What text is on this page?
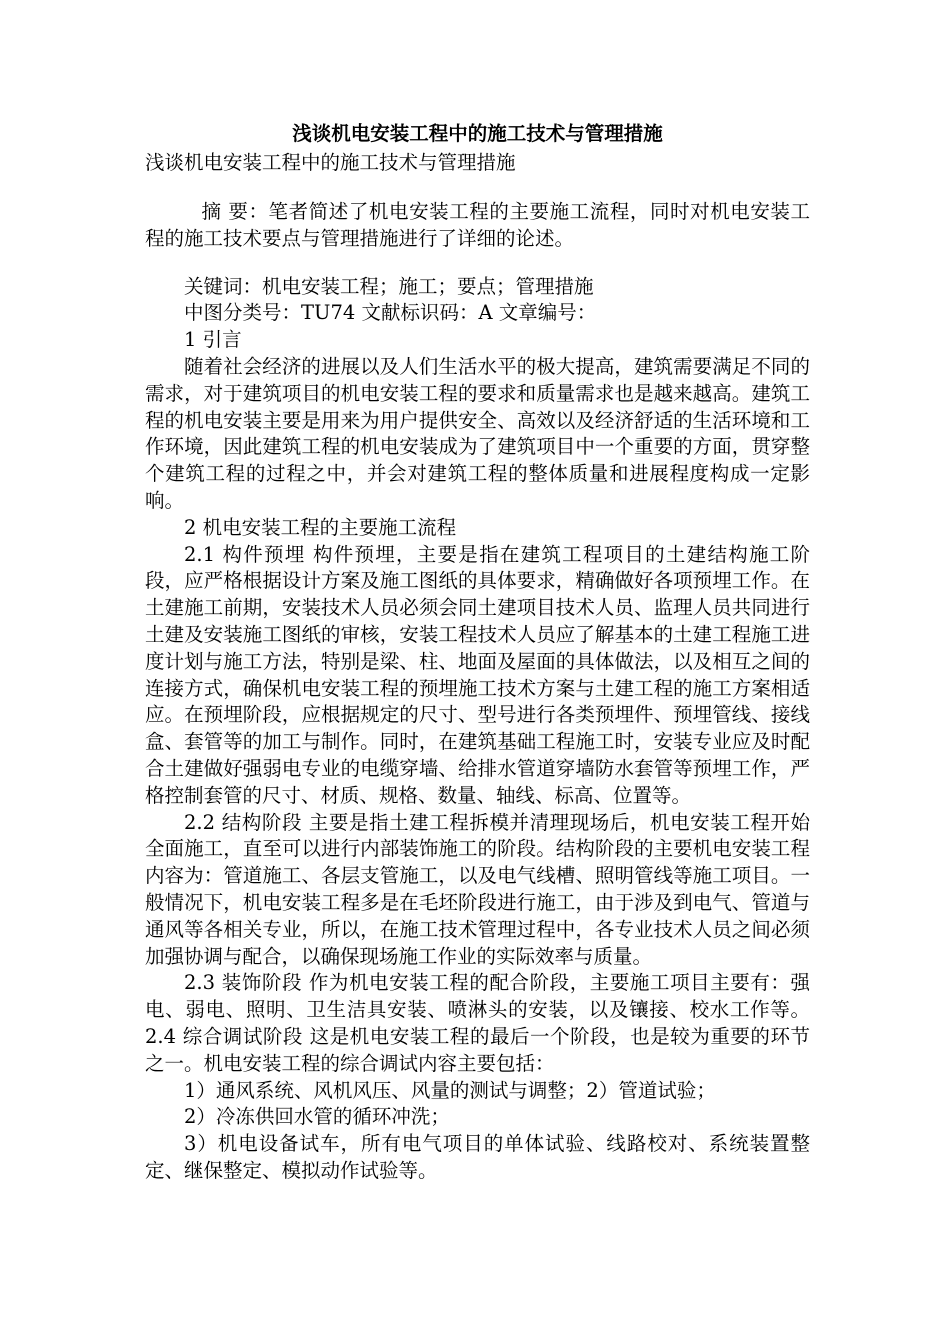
浅谈机电安装工程中的施工技术与管理措施

浅谈机电安装工程中的施工技术与管理措施

摘 要：笔者简述了机电安装工程的主要施工流程，同时对机电安装工程的施工技术要点与管理措施进行了详细的论述。

关键词：机电安装工程；施工；要点；管理措施

中图分类号：TU74 文献标识码：A 文章编号：

1 引言

随着社会经济的进展以及人们生活水平的极大提高，建筑需要满足不同的需求，对于建筑项目的机电安装工程的要求和质量需求也是越来越高。建筑工程的机电安装主要是用来为用户提供安全、高效以及经济舒适的生活环境和工作环境，因此建筑工程的机电安装成为了建筑项目中一个重要的方面，贯穿整个建筑工程的过程之中，并会对建筑工程的整体质量和进展程度构成一定影响。

2 机电安装工程的主要施工流程

2.1 构件预埋 构件预埋，主要是指在建筑工程项目的土建结构施工阶段，应严格根据设计方案及施工图纸的具体要求，精确做好各项预埋工作。在土建施工前期，安装技术人员必须会同土建项目技术人员、监理人员共同进行土建及安装施工图纸的审核，安装工程技术人员应了解基本的土建工程施工进度计划与施工方法，特别是梁、柱、地面及屋面的具体做法，以及相互之间的连接方式，确保机电安装工程的预埋施工技术方案与土建工程的施工方案相适应。在预埋阶段，应根据规定的尺寸、型号进行各类预埋件、预埋管线、接线盒、套管等的加工与制作。同时，在建筑基础工程施工时，安装专业应及时配合土建做好强弱电专业的电缆穿墙、给排水管道穿墙防水套管等预埋工作，严格控制套管的尺寸、材质、规格、数量、轴线、标高、位置等。

2.2 结构阶段 主要是指土建工程拆模并清理现场后，机电安装工程开始全面施工，直至可以进行内部装饰施工的阶段。结构阶段的主要机电安装工程内容为：管道施工、各层支管施工，以及电气线槽、照明管线等施工项目。一般情况下，机电安装工程多是在毛坯阶段进行施工，由于涉及到电气、管道与通风等各相关专业，所以，在施工技术管理过程中，各专业技术人员之间必须加强协调与配合，以确保现场施工作业的实际效率与质量。

2.3 装饰阶段 作为机电安装工程的配合阶段，主要施工项目主要有：强电、弱电、照明、卫生洁具安装、喷淋头的安装，以及镶接、校水工作等。 2.4 综合调试阶段 这是机电安装工程的最后一个阶段，也是较为重要的环节之一。机电安装工程的综合调试内容主要包括：

1）通风系统、风机风压、风量的测试与调整；2）管道试验；

2）冷冻供回水管的循环冲洗；

3）机电设备试车，所有电气项目的单体试验、线路校对、系统装置整定、继保整定、模拟动作试验等。
